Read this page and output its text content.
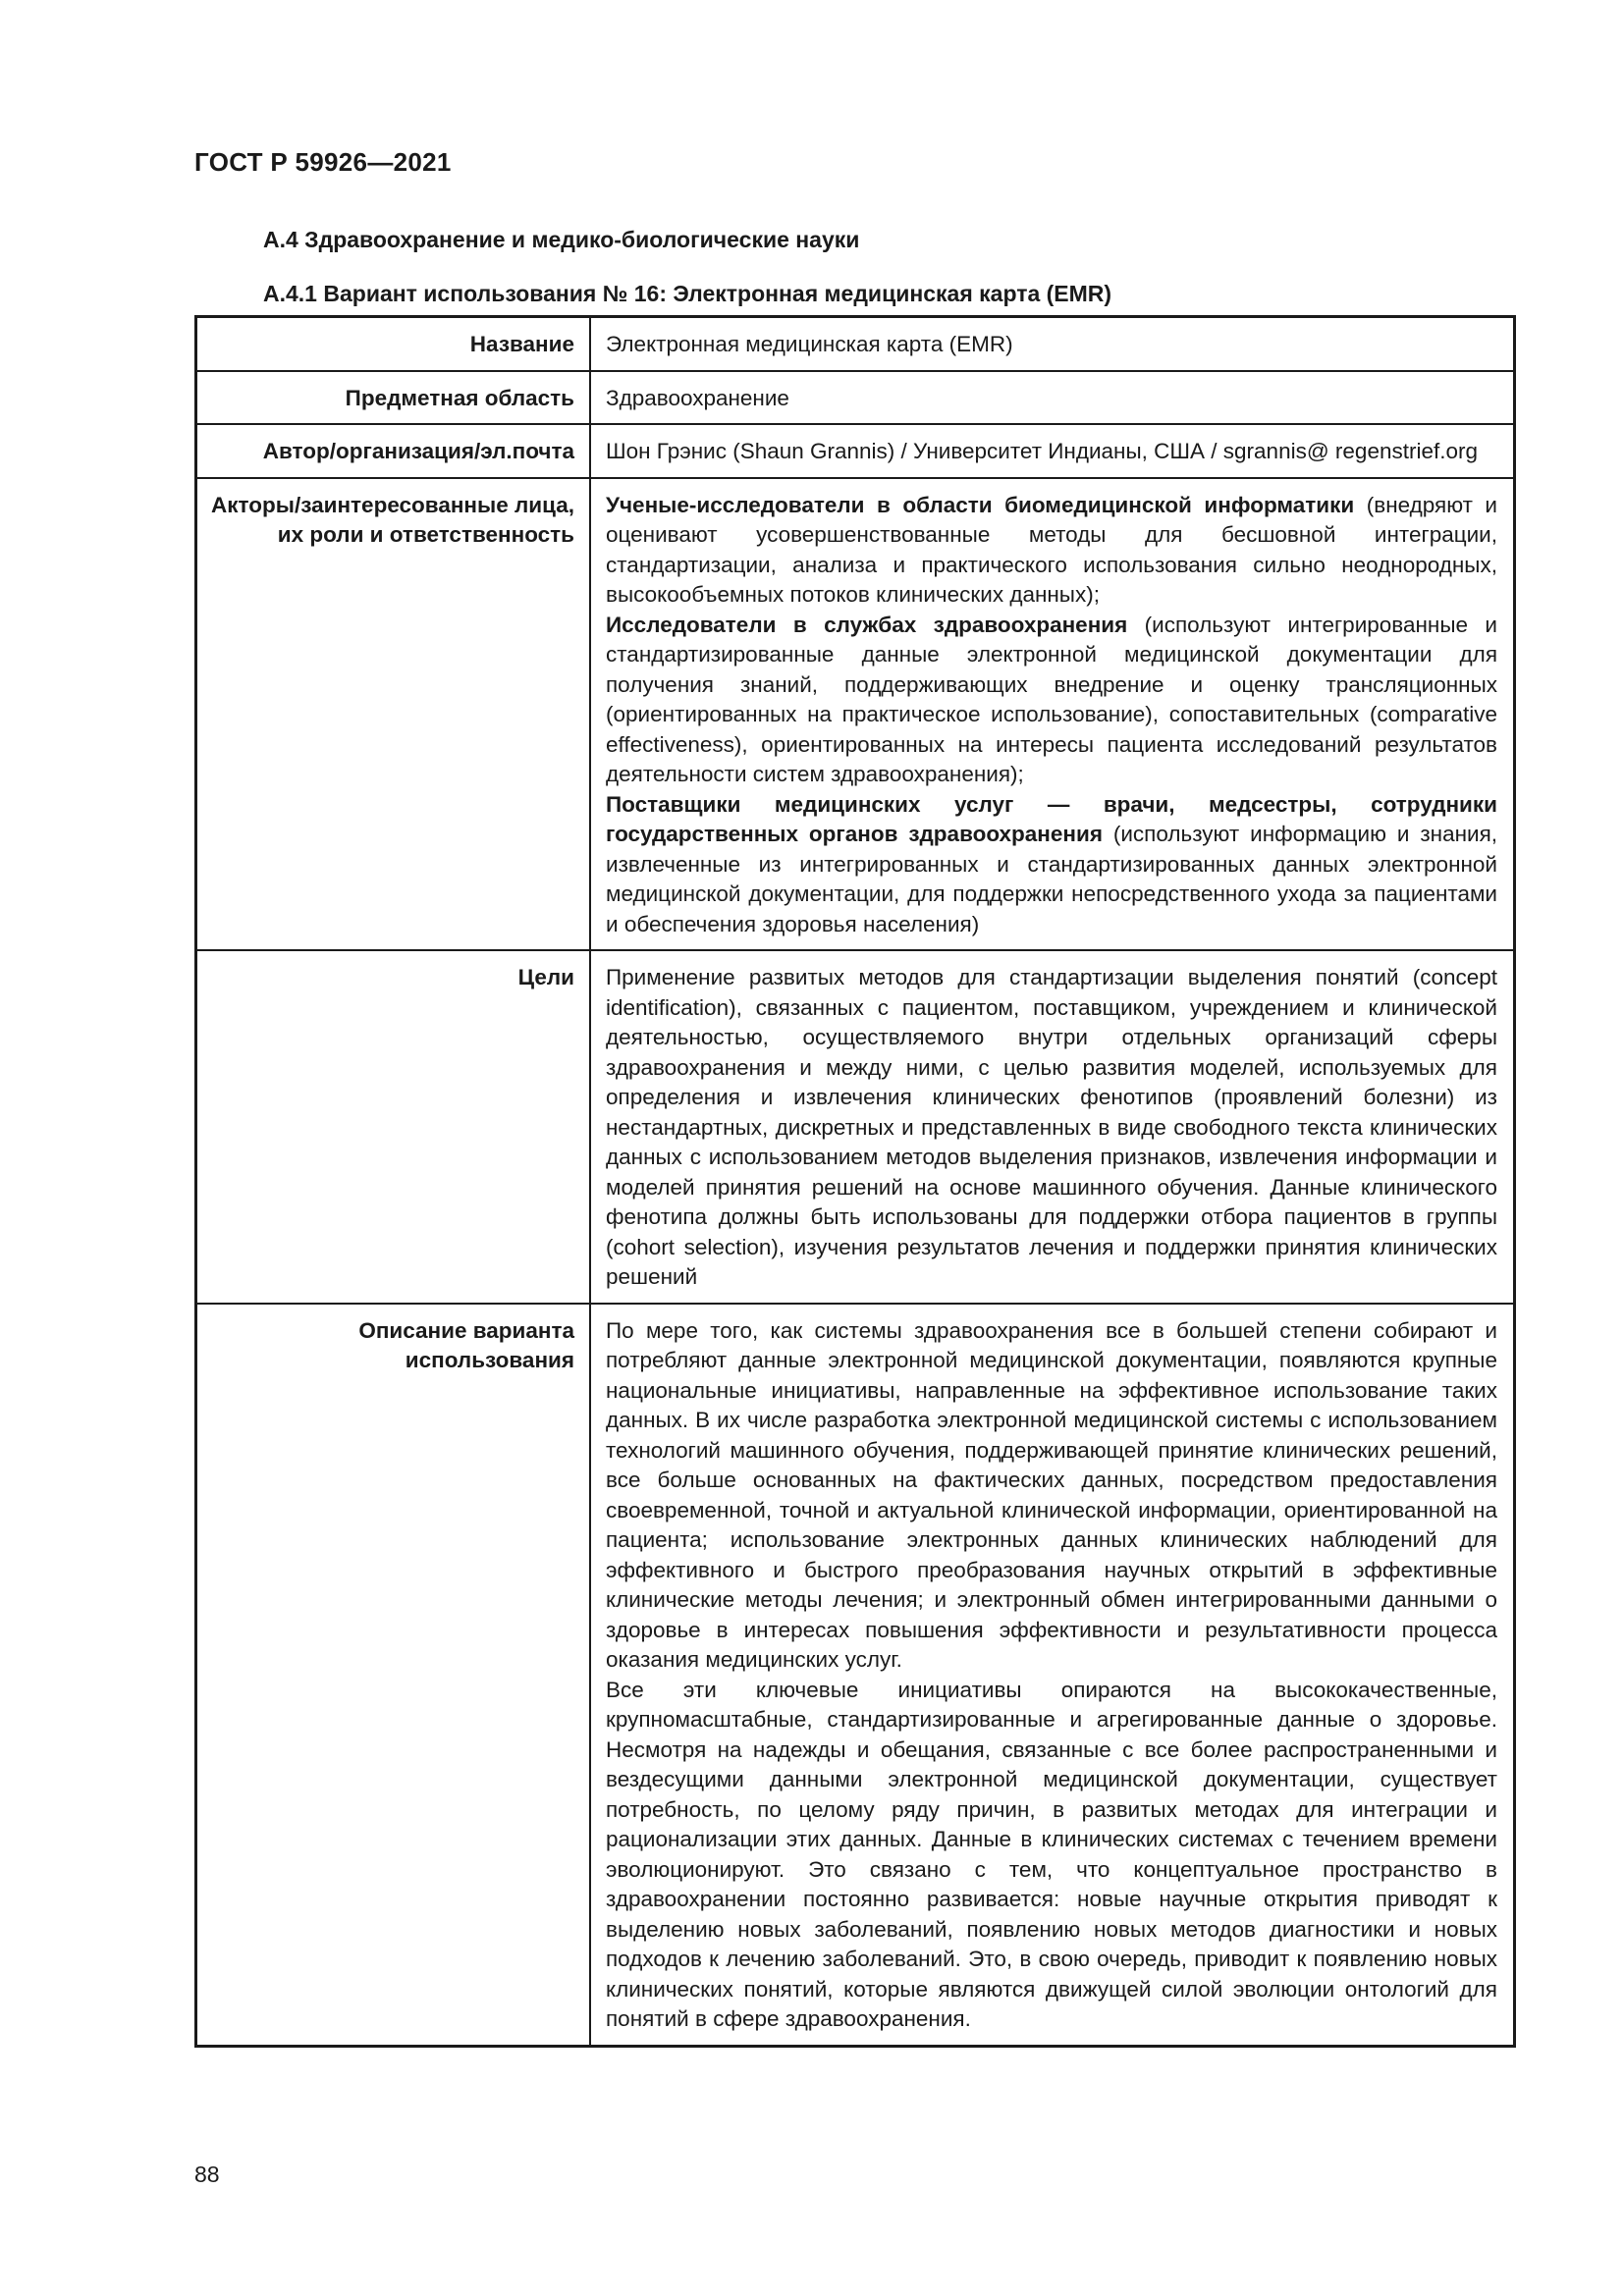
ГОСТ Р 59926—2021
А.4 Здравоохранение и медико-биологические науки
А.4.1 Вариант использования № 16: Электронная медицинская карта (EMR)
Название	Электронная медицинская карта (EMR)
Предметная область	Здравоохранение
Автор/организация/эл.почта	Шон Грэнис (Shaun Grannis) / Университет Индианы, США / sgrannis@ regenstrief.org
Акторы/заинтересованные лица, их роли и ответственность	Ученые-исследователи в области биомедицинской информатики (внедряют и оценивают усовершенствованные методы для бесшовной интеграции, стандартизации, анализа и практического использования сильно неоднородных, высокообъемных потоков клинических данных);

Исследователи в службах здравоохранения (используют интегрированные и стандартизированные данные электронной медицинской документации для получения знаний, поддерживающих внедрение и оценку трансляционных (ориентированных на практическое использование), сопоставительных (comparative effectiveness), ориентированных на интересы пациента исследований результатов деятельности систем здравоохранения);

Поставщики медицинских услуг — врачи, медсестры, сотрудники государственных органов здравоохранения (используют информацию и знания, извлеченные из интегрированных и стандартизированных данных электронной медицинской документации, для поддержки непосредственного ухода за пациентами и обеспечения здоровья населения)

Цели	Применение развитых методов для стандартизации выделения понятий (concept identification), связанных с пациентом, поставщиком, учреждением и клинической деятельностью, осуществляемого внутри отдельных организаций сферы здравоохранения и между ними, с целью развития моделей, используемых для определения и извлечения клинических фенотипов (проявлений болезни) из нестандартных, дискретных и представленных в виде свободного текста клинических данных с использованием методов выделения признаков, извлечения информации и моделей принятия решений на основе машинного обучения. Данные клинического фенотипа должны быть использованы для поддержки отбора пациентов в группы (cohort selection), изучения результатов лечения и поддержки принятия клинических решений
Описание варианта использования	По мере того, как системы здравоохранения все в большей степени собирают и потребляют данные электронной медицинской документации, появляются крупные национальные инициативы, направленные на эффективное использование таких данных. В их числе разработка электронной медицинской системы с использованием технологий машинного обучения, поддерживающей принятие клинических решений, все больше основанных на фактических данных, посредством предоставления своевременной, точной и актуальной клинической информации, ориентированной на пациента; использование электронных данных клинических наблюдений для эффективного и быстрого преобразования научных открытий в эффективные клинические методы лечения; и электронный обмен интегрированными данными о здоровье в интересах повышения эффективности и результативности процесса оказания медицинских услуг.

Все эти ключевые инициативы опираются на высококачественные, крупномасштабные, стандартизированные и агрегированные данные о здоровье. Несмотря на надежды и обещания, связанные с все более распространенными и вездесущими данными электронной медицинской документации, существует потребность, по целому ряду причин, в развитых методах для интеграции и рационализации этих данных. Данные в клинических системах с течением времени эволюционируют. Это связано с тем, что концептуальное пространство в здравоохранении постоянно развивается: новые научные открытия приводят к выделению новых заболеваний, появлению новых методов диагностики и новых подходов к лечению заболеваний. Это, в свою очередь, приводит к появлению новых клинических понятий, которые являются движущей силой эволюции онтологий для понятий в сфере здравоохранения.

88
